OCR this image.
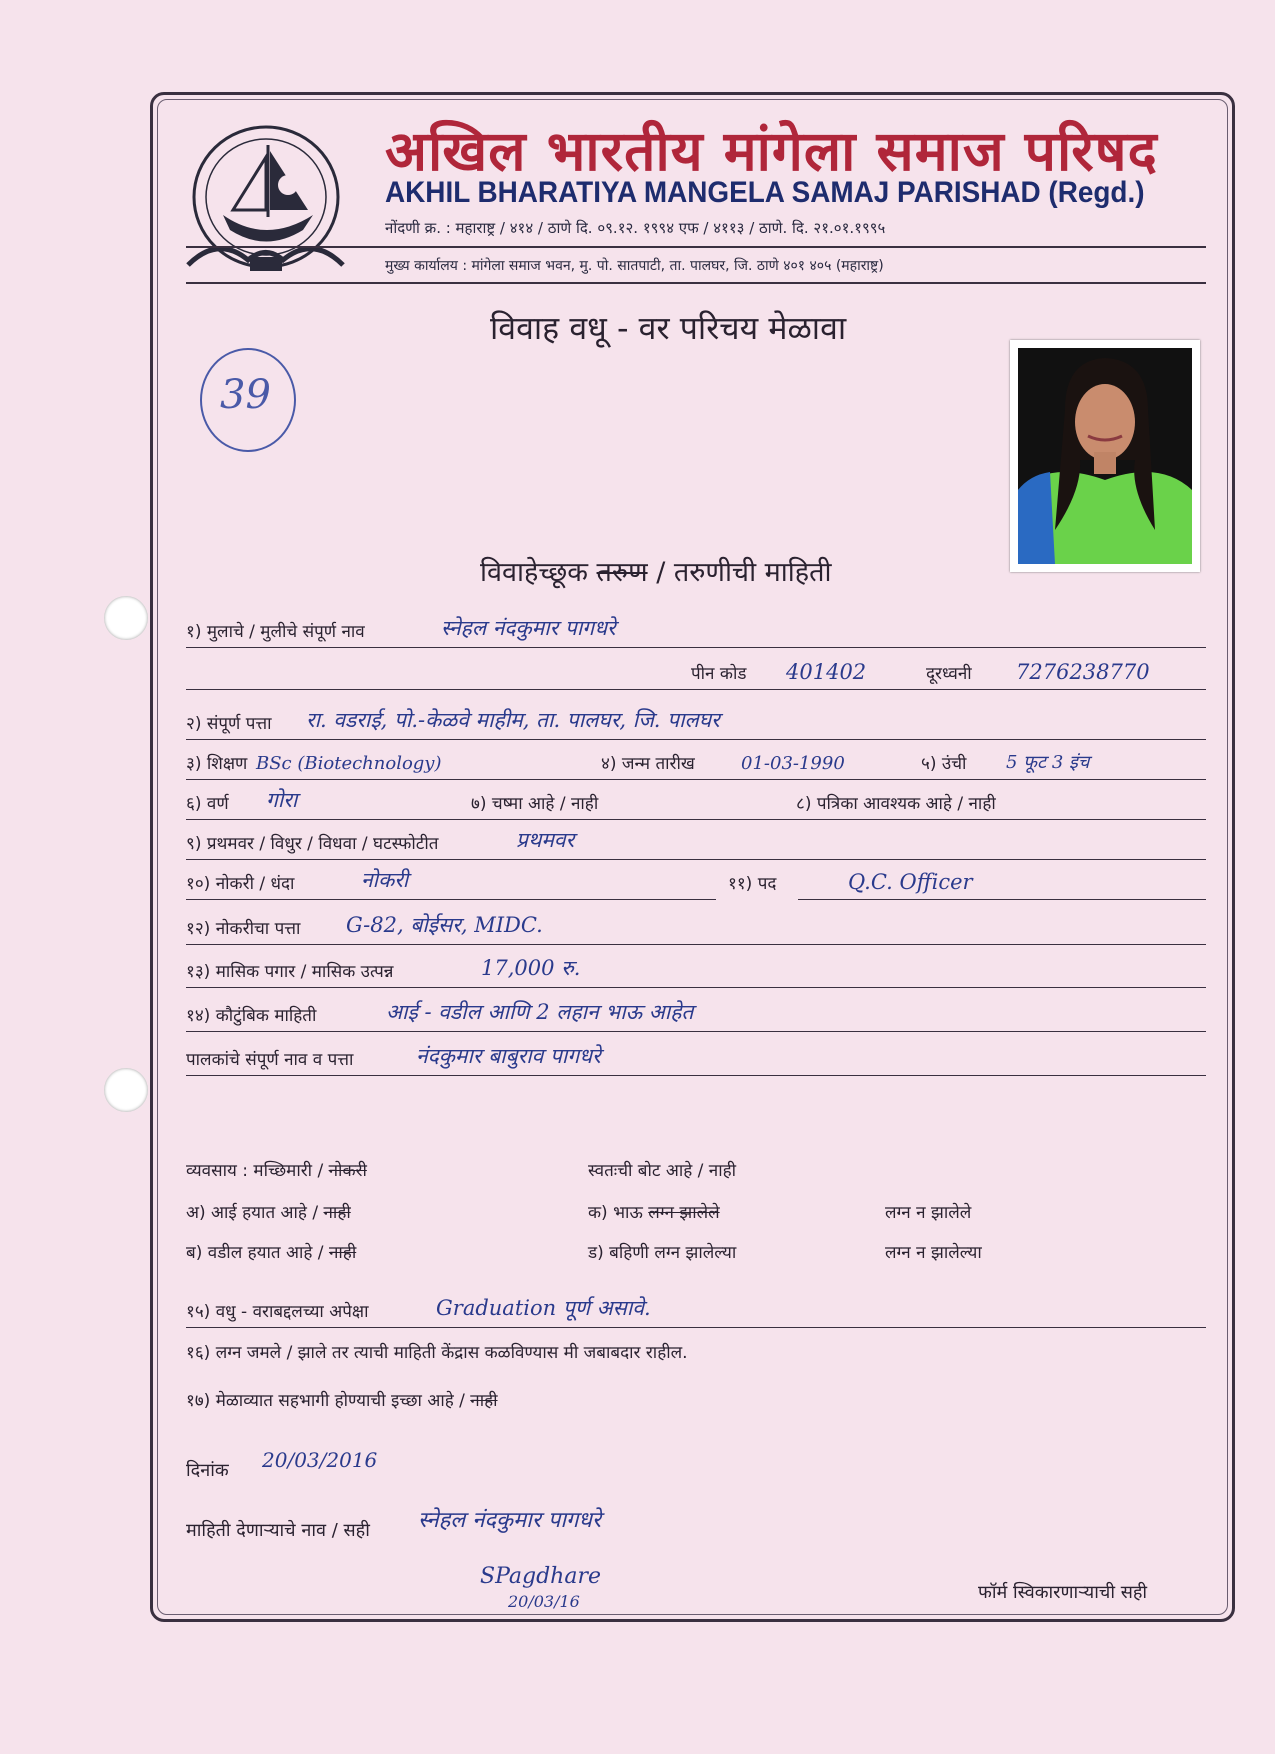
अखिल भारतीय मांगेला समाज परिषद
AKHIL BHARATIYA MANGELA SAMAJ PARISHAD (Regd.)
नोंदणी क्र. : महाराष्ट्र / ४१४ / ठाणे दि. ०९.१२. १९९४ एफ / ४११३ / ठाणे. दि. २१.०१.१९९५
मुख्य कार्यालय : मांगेला समाज भवन, मु. पो. सातपाटी, ता. पालघर, जि. ठाणे ४०१ ४०५ (महाराष्ट्र)
विवाह वधू - वर परिचय मेळावा
39
विवाहेच्छूक तरुण / तरुणीची माहिती
१) मुलाचे / मुलीचे संपूर्ण नाव	स्नेहल नंदकुमार पागधरे
पीन कोड 401402	दूरध्वनी 7276238770
२) संपूर्ण पत्ता रा. वडराई, पो.-केळवे माहीम, ता. पालघर, जि. पालघर
३) शिक्षण BSc (Biotechnology)	४) जन्म तारीख	01-03-1990	५) उंची 5 फूट 3 इंच
६) वर्ण गोरा	७) चष्मा आहे / नाही	८) पत्रिका आवश्यक आहे / नाही
९) प्रथमवर / विधुर / विधवा / घटस्फोटीत	प्रथमवर
१०) नोकरी / धंदा	नोकरी	११) पद	Q.C. Officer
१२) नोकरीचा पत्ता G-82, बोईसर, MIDC.
१३) मासिक पगार / मासिक उत्पन्न	17,000 रु.
१४) कौटुंबिक माहिती	आई - वडील आणि 2 लहान भाऊ आहेत
पालकांचे संपूर्ण नाव व पत्ता	नंदकुमार बाबुराव पागधरे
व्यवसाय : मच्छिमारी / नोकरी	स्वतःची बोट आहे / नाही
अ) आई हयात आहे / नाही	क) भाऊ लग्न झालेले	लग्न न झालेले
ब) वडील हयात आहे / नाही	ड) बहिणी लग्न झालेल्या	लग्न न झालेल्या
१५) वधु - वराबद्दलच्या अपेक्षा	Graduation पूर्ण असावे.
१६) लग्न जमले / झाले तर त्याची माहिती केंद्रास कळविण्यास मी जबाबदार राहील.
१७) मेळाव्यात सहभागी होण्याची इच्छा आहे / नाही
दिनांक 20/03/2016
माहिती देणाऱ्याचे नाव / सही स्नेहल नंदकुमार पागधरे
SPagdhare
20/03/16	फॉर्म स्विकारणाऱ्याची सही
